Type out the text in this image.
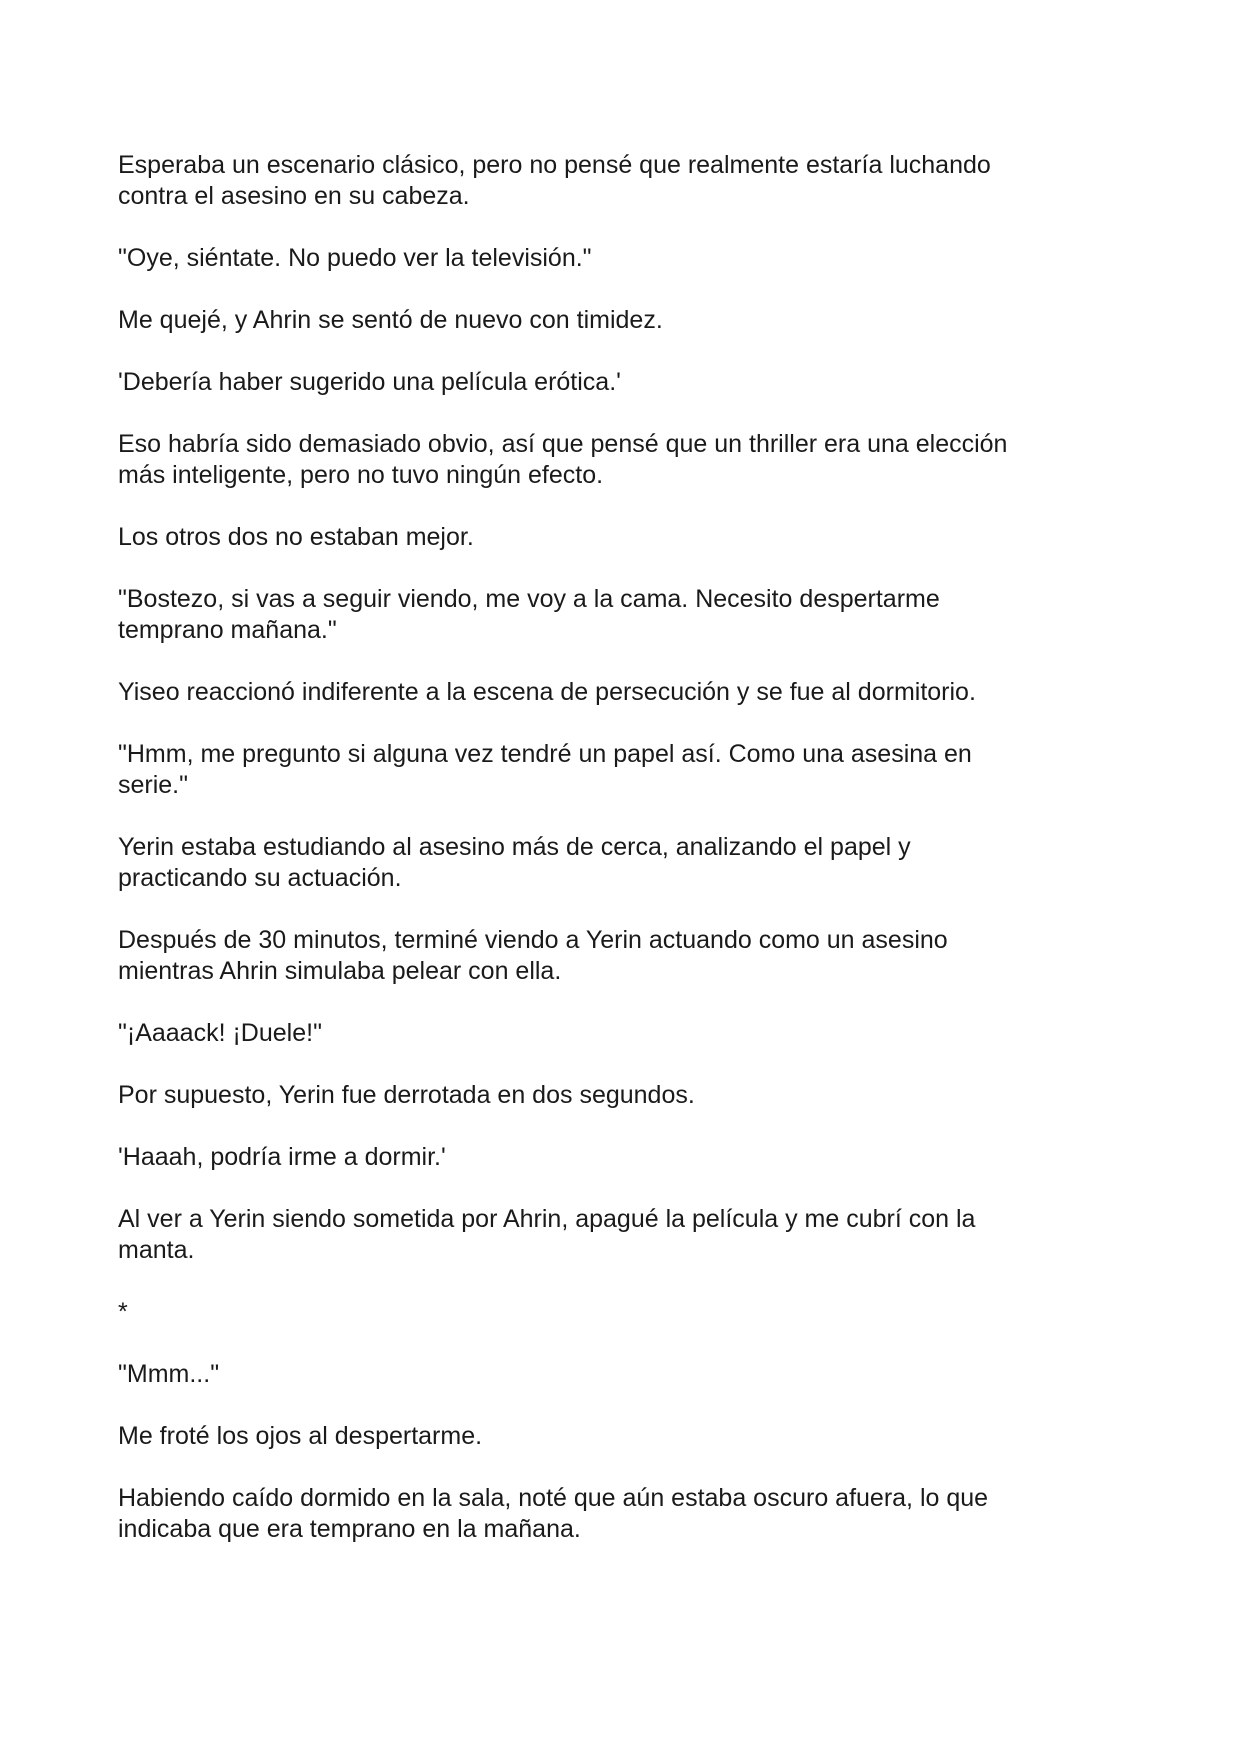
Esperaba un escenario clásico, pero no pensé que realmente estaría luchando
contra el asesino en su cabeza.

"Oye, siéntate. No puedo ver la televisión."

Me quejé, y Ahrin se sentó de nuevo con timidez.

'Debería haber sugerido una película erótica.'

Eso habría sido demasiado obvio, así que pensé que un thriller era una elección
más inteligente, pero no tuvo ningún efecto.

Los otros dos no estaban mejor.

"Bostezo, si vas a seguir viendo, me voy a la cama. Necesito despertarme
temprano mañana."

Yiseo reaccionó indiferente a la escena de persecución y se fue al dormitorio.

"Hmm, me pregunto si alguna vez tendré un papel así. Como una asesina en
serie."

Yerin estaba estudiando al asesino más de cerca, analizando el papel y
practicando su actuación.

Después de 30 minutos, terminé viendo a Yerin actuando como un asesino
mientras Ahrin simulaba pelear con ella.

"¡Aaaack! ¡Duele!"

Por supuesto, Yerin fue derrotada en dos segundos.

'Haaah, podría irme a dormir.'

Al ver a Yerin siendo sometida por Ahrin, apagué la película y me cubrí con la
manta.

*

"Mmm..."

Me froté los ojos al despertarme.

Habiendo caído dormido en la sala, noté que aún estaba oscuro afuera, lo que
indicaba que era temprano en la mañana.
